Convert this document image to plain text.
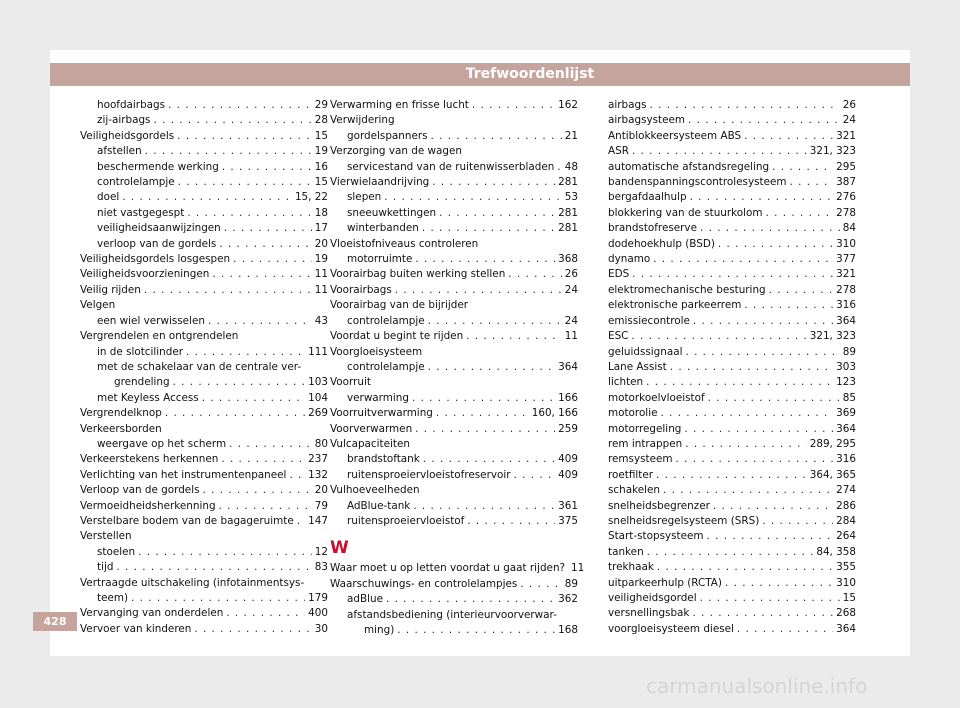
Trefwoordenlijst
hoofdairbags . . .	29
zij-airbags . . .	28
Veiligheidsgordels . . .	15
afstellen . . .	19
beschermende werking . . .	16
controlelampje . . .	15
doel . . .	15, 22
niet vastgegespt . . .	18
veiligheidsaanwijzingen . . .	17
verloop van de gordels . . .	20
Veiligheidsgordels losgespen . . .	19
Veiligheidsvoorzieningen . . .	11
Veilig rijden . . .	11
Velgen
een wiel verwisselen . . .	43
Vergrendelen en ontgrendelen
in de slotcilinder . . .	111
met de schakelaar van de centrale ver-
grendeling . . .	103
met Keyless Access . . .	104
Vergrendelknop . . .	269
Verkeersborden
weergave op het scherm . . .	80
Verkeerstekens herkennen . . .	237
Verlichting van het instrumentenpaneel . . . 132
Verloop van de gordels . . .	20
Vermoeidheidsherkenning . . .	79
Verstelbare bodem van de bagageruimte . . . 147
Verstellen
stoelen . . .	12
tijd . . .	83
Vertraagde uitschakeling (infotainmentsys-
teem) . . .	179
Vervanging van onderdelen . . .	400
Vervoer van kinderen . . .	30
Verwarming en frisse lucht . . .	162
Verwijdering
gordelspanners . . .	21
Verzorging van de wagen
servicestand van de ruitenwisserbladen . . . 48
Vierwielaandrijving . . .	281
slepen . . .	53
sneeuwkettingen . . .	281
winterbanden . . .	281
Vloeistofniveaus controleren
motorruimte . . .	368
Voorairbag buiten werking stellen . . .	26
Voorairbags . . .	24
Voorairbag van de bijrijder
controlelampje . . .	24
Voordat u begint te rijden . . .	11
Voorgloeisysteem
controlelampje . . .	364
Voorruit
verwarming . . .	166
Voorruitverwarming . . .	160, 166
Voorverwarmen . . .	259
Vulcapaciteiten
brandstoftank . . .	409
ruitensproeiervloeistofreservoir . . .	409
Vulhoeveelheden
AdBlue-tank . . .	361
ruitensproeiervloeistof . . .	375
W
Waar moet u op letten voordat u gaat rijden? 11
Waarschuwings- en controlelampjes . . .	89
adBlue . . .	362
afstandsbediening (interieurvoorverwar-
ming) . . .	168
airbags . . .	26
airbagsysteem . . .	24
Antiblokkeersysteem ABS . . .	321
ASR . . .	321, 323
automatische afstandsregeling . . .	295
bandenspanningscontrolesysteem . . .	387
bergafdaalhulp . . .	276
blokkering van de stuurkolom . . .	278
brandstofreserve . . .	84
dodehoekhulp (BSD) . . .	310
dynamo . . .	377
EDS . . .	321
elektromechanische besturing . . .	278
elektronische parkeerrem . . .	316
emissiecontrole . . .	364
ESC . . .	321, 323
geluidssignaal . . .	89
Lane Assist . . .	303
lichten . . .	123
motorkoelvloeistof . . .	85
motorolie . . .	369
motorregeling . . .	364
rem intrappen . . .	289, 295
remsysteem . . .	316
roetfilter . . .	364, 365
schakelen . . .	274
snelheidsbegrenzer . . .	286
snelheidsregelsysteem (SRS) . . .	284
Start-stopsysteem . . .	264
tanken . . .	84, 358
trekhaak . . .	355
uitparkeerhulp (RCTA) . . .	310
veiligheidsgordel . . .	15
versnellingsbak . . .	268
voorgloeisysteem diesel . . .	364
428
carmanualsonline.info
